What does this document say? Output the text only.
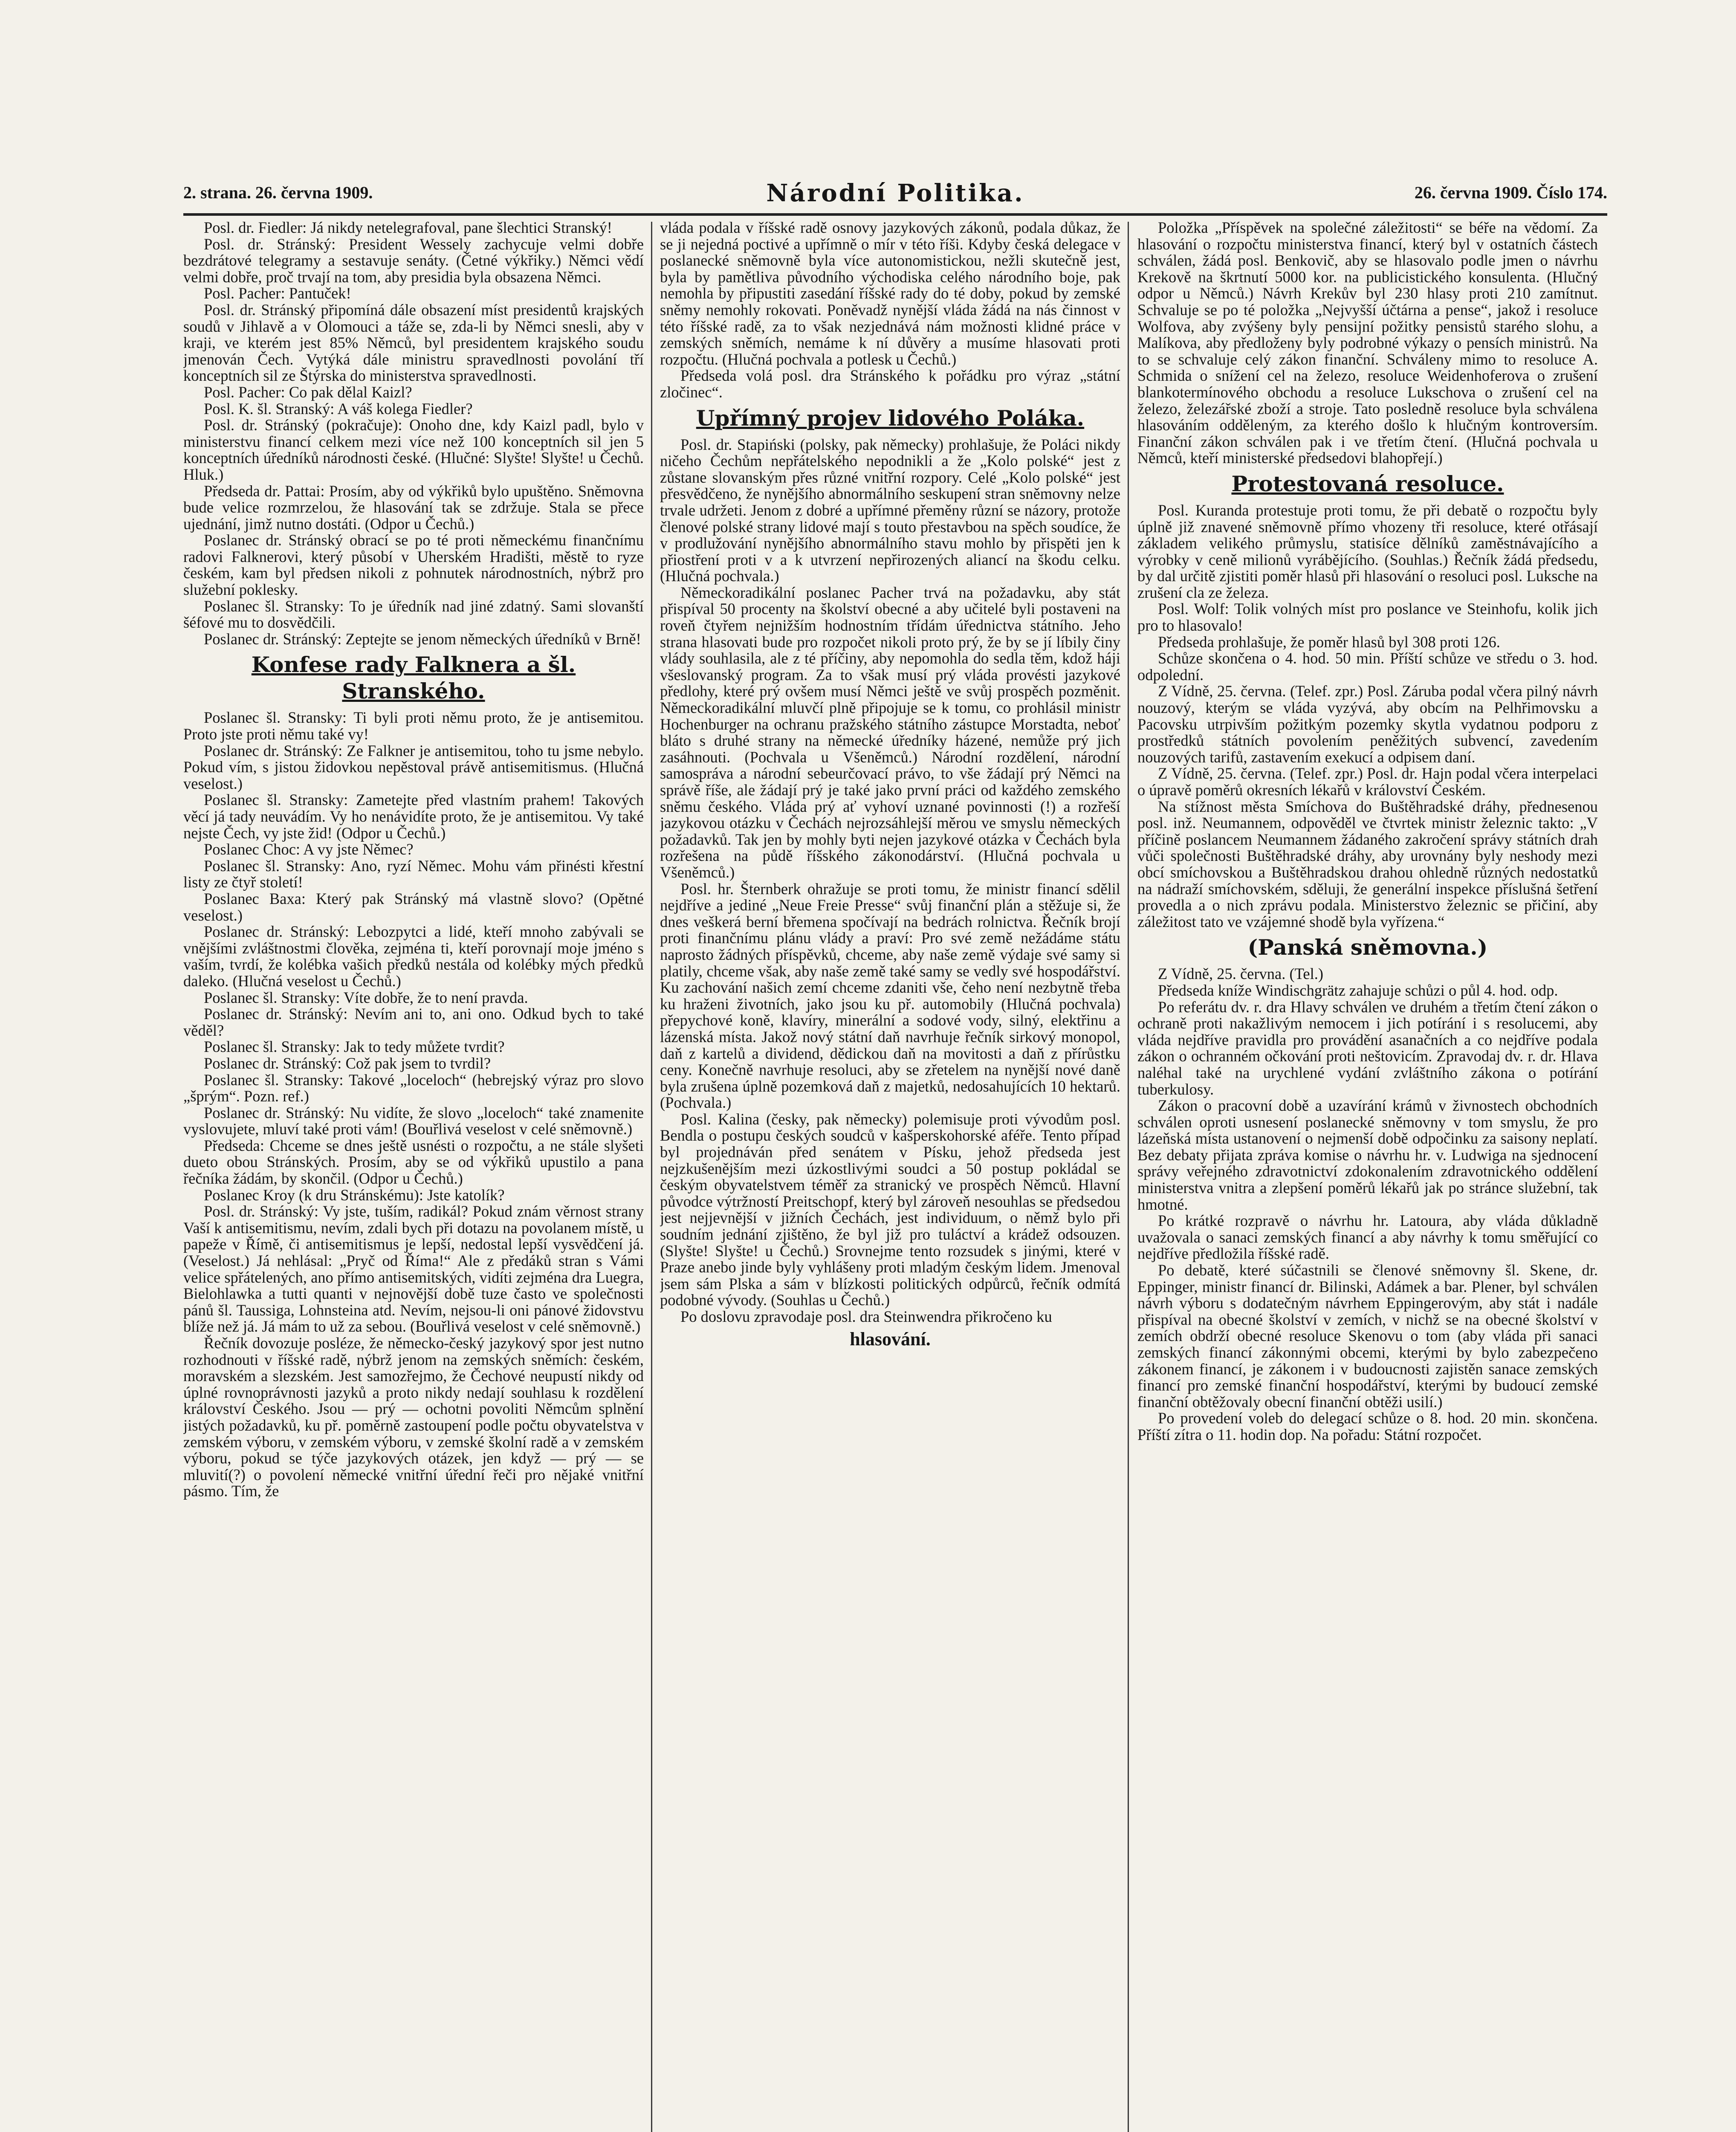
2. strana. 26. června 1909.	Národní Politika.	26. června 1909. Číslo 174.

Posl. dr. Fiedler: Já nikdy netelegrafoval, pane šlechtici Stranský!

Posl. dr. Stránský: President Wessely zachycuje velmi dobře bezdrátové telegramy a sestavuje senáty. (Četné výkřiky.) Němci vědí velmi dobře, proč trvají na tom, aby presidia byla obsazena Němci.

Posl. Pacher: Pantuček!

Posl. dr. Stránský připomíná dále obsazení míst presidentů krajských soudů v Jihlavě a v Olomouci a táže se, zda-li by Němci snesli, aby v kraji, ve kterém jest 85% Němců, byl presidentem krajského soudu jmenován Čech. Vytýká dále ministru spravedlnosti povolání tří konceptních sil ze Štýrska do ministerstva spravedlnosti.

Posl. Pacher: Co pak dělal Kaizl?

Posl. K. šl. Stranský: A váš kolega Fiedler?

Posl. dr. Stránský (pokračuje): Onoho dne, kdy Kaizl padl, bylo v ministerstvu financí celkem mezi více než 100 konceptních sil jen 5 konceptních úředníků národnosti české. (Hlučné: Slyšte! Slyšte! u Čechů. Hluk.)

Předseda dr. Pattai: Prosím, aby od výkřiků bylo upuštěno. Sněmovna bude velice rozmrzelou, že hlasování tak se zdržuje. Stala se přece ujednání, jimž nutno dostáti. (Odpor u Čechů.)

Poslanec dr. Stránský obrací se po té proti německému finančnímu radovi Falknerovi, který působí v Uherském Hradišti, městě to ryze českém, kam byl předsen nikoli z pohnutek národnostních, nýbrž pro služební poklesky.

Poslanec šl. Stransky: To je úředník nad jiné zdatný. Sami slovanští šéfové mu to dosvědčili.

Poslanec dr. Stránský: Zeptejte se jenom německých úředníků v Brně!

Konfese rady Falknera a šl. Stranského.

Poslanec šl. Stransky: Ti byli proti němu proto, že je antisemitou. Proto jste proti němu také vy!

Poslanec dr. Stránský: Ze Falkner je antisemitou, toho tu jsme nebylo. Pokud vím, s jistou židovkou nepěstoval právě antisemitismus. (Hlučná veselost.)

Poslanec šl. Stransky: Zametejte před vlastním prahem! Takových věcí já tady neuvádím. Vy ho nenávidíte proto, že je antisemitou. Vy také nejste Čech, vy jste žid! (Odpor u Čechů.)

Poslanec Choc: A vy jste Němec?

Poslanec šl. Stransky: Ano, ryzí Němec. Mohu vám přinésti křestní listy ze čtyř století!

Poslanec Baxa: Který pak Stránský má vlastně slovo? (Opětné veselost.)

Poslanec dr. Stránský: Lebozpytci a lidé, kteří mnoho zabývali se vnějšími zvláštnostmi člověka, zejména ti, kteří porovnají moje jméno s vaším, tvrdí, že kolébka vašich předků nestála od kolébky mých předků daleko. (Hlučná veselost u Čechů.)

Poslanec šl. Stransky: Víte dobře, že to není pravda.

Poslanec dr. Stránský: Nevím ani to, ani ono. Odkud bych to také věděl?

Poslanec šl. Stransky: Jak to tedy můžete tvrdit?

Poslanec dr. Stránský: Což pak jsem to tvrdil?

Poslanec šl. Stransky: Takové „loceloch“ (hebrejský výraz pro slovo „šprým“. Pozn. ref.)

Poslanec dr. Stránský: Nu vidíte, že slovo „loceloch“ také znamenite vyslovujete, mluví také proti vám! (Bouřlivá veselost v celé sněmovně.)

Předseda: Chceme se dnes ještě usnésti o rozpočtu, a ne stále slyšeti dueto obou Stránských. Prosím, aby se od výkřiků upustilo a pana řečníka žádám, by skončil. (Odpor u Čechů.)

Poslanec Kroy (k dru Stránskému): Jste katolík?

Posl. dr. Stránský: Vy jste, tuším, radikál? Pokud znám věrnost strany Vaší k antisemitismu, nevím, zdali bych při dotazu na povolanem místě, u papeže v Římě, či antisemitismus je lepší, nedostal lepší vysvědčení já. (Veselost.) Já nehlásal: „Pryč od Říma!“ Ale z předáků stran s Vámi velice spřátelených, ano přímo antisemitských, vidíti zejména dra Luegra, Bielohlawka a tutti quanti v nejnovější době tuze často ve společnosti pánů šl. Taussiga, Lohnsteina atd. Nevím, nejsou-li oni pánové židovstvu blíže než já. Já mám to už za sebou. (Bouřlivá veselost v celé sněmovně.)

Řečník dovozuje posléze, že německo-český jazykový spor jest nutno rozhodnouti v říšské radě, nýbrž jenom na zemských sněmích: českém, moravském a slezském. Jest samozřejmo, že Čechové neupustí nikdy od úplné rovnoprávnosti jazyků a proto nikdy nedají souhlasu k rozdělení království Českého. Jsou — prý — ochotni povoliti Němcům splnění jistých požadavků, ku př. poměrně zastoupení podle počtu obyvatelstva v zemském výboru, v zemském výboru, v zemské školní radě a v zemském výboru, pokud se týče jazykových otázek, jen když — prý — se mluvití(?) o povolení německé vnitřní úřední řeči pro nějaké vnitřní pásmo. Tím, že

vláda podala v říšské radě osnovy jazykových zákonů, podala důkaz, že se ji nejedná poctivé a upřímně o mír v této říši. Kdyby česká delegace v poslanecké sněmovně byla více autonomistickou, nežli skutečně jest, byla by pamětliva původního východiska celého národního boje, pak nemohla by připustiti zasedání říšské rady do té doby, pokud by zemské sněmy nemohly rokovati. Poněvadž nynější vláda žádá na nás činnost v této říšské radě, za to však nezjednává nám možnosti klidné práce v zemských sněmích, nemáme k ní důvěry a musíme hlasovati proti rozpočtu. (Hlučná pochvala a potlesk u Čechů.)

Předseda volá posl. dra Stránského k pořádku pro výraz „státní zločinec“.

Upřímný projev lidového Poláka.

Posl. dr. Stapiński (polsky, pak německy) prohlašuje, že Poláci nikdy ničeho Čechům nepřátelského nepodnikli a že „Kolo polské“ jest z zůstane slovanským přes různé vnitřní rozpory. Celé „Kolo polské“ jest přesvědčeno, že nynějšího abnormálního seskupení stran sněmovny nelze trvale udržeti. Jenom z dobré a upřímné přeměny různí se názory, protože členové polské strany lidové mají s touto přestavbou na spěch soudíce, že v prodlužování nynějšího abnormálního stavu mohlo by přispěti jen k přiostření proti v a k utvrzení nepřirozených aliancí na škodu celku. (Hlučná pochvala.)

Německoradikální poslanec Pacher trvá na požadavku, aby stát přispíval 50 procenty na školství obecné a aby učitelé byli postaveni na roveň čtyřem nejnižším hodnostním třídám úřednictva státního. Jeho strana hlasovati bude pro rozpočet nikoli proto prý, že by se jí líbily činy vlády souhlasila, ale z té příčiny, aby nepomohla do sedla těm, kdož háji všeslovanský program. Za to však musí prý vláda provésti jazykové předlohy, které prý ovšem musí Němci ještě ve svůj prospěch pozměnit. Německoradikální mluvčí plně připojuje se k tomu, co prohlásil ministr Hochenburger na ochranu pražského státního zástupce Morstadta, neboť bláto s druhé strany na německé úředníky házené, nemůže prý jich zasáhnouti. (Pochvala u Všeněmců.) Národní rozdělení, národní samospráva a národní sebeurčovací právo, to vše žádají prý Němci na správě říše, ale žádají prý je také jako první práci od každého zemského sněmu českého. Vláda prý ať vyhoví uznané povinnosti (!) a rozřeší jazykovou otázku v Čechách nejrozsáhlejší měrou ve smyslu německých požadavků. Tak jen by mohly byti nejen jazykové otázka v Čechách byla rozřešena na půdě říšského zákonodárství. (Hlučná pochvala u Všeněmců.)

Posl. hr. Šternberk ohražuje se proti tomu, že ministr financí sdělil nejdříve a jediné „Neue Freie Presse“ svůj finanční plán a stěžuje si, že dnes veškerá berní břemena spočívají na bedrách rolnictva. Řečník brojí proti finančnímu plánu vlády a praví: Pro své země nežádáme státu naprosto žádných příspěvků, chceme, aby naše země výdaje své samy si platily, chceme však, aby naše země také samy se vedly své hospodářství. Ku zachování našich zemí chceme zdaniti vše, čeho není nezbytně třeba ku hraženi životních, jako jsou ku př. automobily (Hlučná pochvala) přepychové koně, klavíry, minerální a sodové vody, silný, elektřinu a lázenská místa. Jakož nový státní daň navrhuje řečník sirkový monopol, daň z kartelů a dividend, dědickou daň na movitosti a daň z přírůstku ceny. Konečně navrhuje resoluci, aby se zřetelem na nynější nové daně byla zrušena úplně pozemková daň z majetků, nedosahujících 10 hektarů. (Pochvala.)

Posl. Kalina (česky, pak německy) polemisuje proti vývodům posl. Bendla o postupu českých soudců v kašperskohorské aféře. Tento případ byl projednáván před senátem v Písku, jehož předseda jest nejzkušenějším mezi úzkostlivými soudci a 50 postup pokládal se českým obyvatelstvem téměř za stranický ve prospěch Němců. Hlavní původce výtržností Preitschopf, který byl zároveň nesouhlas se předsedou jest nejjevnější v jižních Čechách, jest individuum, o němž bylo při soudním jednání zjištěno, že byl již pro tuláctví a krádež odsouzen. (Slyšte! Slyšte! u Čechů.) Srovnejme tento rozsudek s jinými, které v Praze anebo jinde byly vyhlášeny proti mladým českým lidem. Jmenoval jsem sám Plska a sám v blízkosti politických odpůrců, řečník odmítá podobné vývody. (Souhlas u Čechů.)

Po doslovu zpravodaje posl. dra Steinwendra přikročeno ku

hlasování.

Položka „Příspěvek na společné záležitosti“ se béře na vědomí. Za hlasování o rozpočtu ministerstva financí, který byl v ostatních částech schválen, žádá posl. Benkovič, aby se hlasovalo podle jmen o návrhu Krekově na škrtnutí 5000 kor. na publicistického konsulenta. (Hlučný odpor u Němců.) Návrh Krekův byl 230 hlasy proti 210 zamítnut. Schvaluje se po té položka „Nejvyšší účtárna a pense“, jakož i resoluce Wolfova, aby zvýšeny byly pensijní požitky pensistů starého slohu, a Malíkova, aby předloženy byly podrobné výkazy o pensích ministrů. Na to se schvaluje celý zákon finanční. Schváleny mimo to resoluce A. Schmida o snížení cel na železo, resoluce Weidenhoferova o zrušení blankotermínového obchodu a resoluce Lukschova o zrušení cel na železo, železářské zboží a stroje. Tato posledně resoluce byla schválena hlasováním odděleným, za kterého došlo k hlučným kontroversím. Finanční zákon schválen pak i ve třetím čtení. (Hlučná pochvala u Němců, kteří ministerské předsedovi blahopřejí.)

Protestovaná resoluce.

Posl. Kuranda protestuje proti tomu, že při debatě o rozpočtu byly úplně již znavené sněmovně přímo vhozeny tři resoluce, které otřásají základem velikého průmyslu, statisíce dělníků zaměstnávajícího a výrobky v ceně milionů vyrábějícího. (Souhlas.) Řečník žádá předsedu, by dal určitě zjistiti poměr hlasů při hlasování o resoluci posl. Luksche na zrušení cla ze železa.

Posl. Wolf: Tolik volných míst pro poslance ve Steinhofu, kolik jich pro to hlasovalo!

Předseda prohlašuje, že poměr hlasů byl 308 proti 126.

Schůze skončena o 4. hod. 50 min. Příští schůze ve středu o 3. hod. odpolední.

Z Vídně, 25. června. (Telef. zpr.) Posl. Záruba podal včera pilný návrh nouzový, kterým se vláda vyzývá, aby obcím na Pelhřimovsku a Pacovsku utrpivším požitkým pozemky skytla vydatnou podporu z prostředků státních povolením peněžitých subvencí, zavedením nouzových tarifů, zastavením exekucí a odpisem daní.

Z Vídně, 25. června. (Telef. zpr.) Posl. dr. Hajn podal včera interpelaci o úpravě poměrů okresních lékařů v království Českém.

Na stížnost města Smíchova do Buštěhradské dráhy, přednesenou posl. inž. Neumannem, odpověděl ve čtvrtek ministr železnic takto: „V příčině poslancem Neumannem žádaného zakročení správy státních drah vůči společnosti Buštěhradské dráhy, aby urovnány byly neshody mezi obcí smíchovskou a Buštěhradskou drahou ohledně různých nedostatků na nádraží smíchovském, sděluji, že generální inspekce příslušná šetření provedla a o nich zprávu podala. Ministerstvo železnic se přičiní, aby záležitost tato ve vzájemné shodě byla vyřízena.“

(Panská sněmovna.)

Z Vídně, 25. června. (Tel.)

Předseda kníže Windischgrätz zahajuje schůzi o půl 4. hod. odp.

Po referátu dv. r. dra Hlavy schválen ve druhém a třetím čtení zákon o ochraně proti nakažlivým nemocem i jich potírání i s resolucemi, aby vláda nejdříve pravidla pro provádění asanačních a co nejdříve podala zákon o ochranném očkování proti neštovicím. Zpravodaj dv. r. dr. Hlava naléhal také na urychlené vydání zvláštního zákona o potírání tuberkulosy.

Zákon o pracovní době a uzavírání krámů v živnostech obchodních schválen oproti usnesení poslanecké sněmovny v tom smyslu, že pro lázeňská místa ustanovení o nejmenší době odpočinku za saisony neplatí. Bez debaty přijata zpráva komise o návrhu hr. v. Ludwiga na sjednocení správy veřejného zdravotnictví zdokonalením zdravotnického oddělení ministerstva vnitra a zlepšení poměrů lékařů jak po stránce služební, tak hmotné.

Po krátké rozpravě o návrhu hr. Latoura, aby vláda důkladně uvažovala o sanaci zemských financí a aby návrhy k tomu směřující co nejdříve předložila říšské radě.

Po debatě, které súčastnili se členové sněmovny šl. Skene, dr. Eppinger, ministr financí dr. Bilinski, Adámek a bar. Plener, byl schválen návrh výboru s dodatečným návrhem Eppingerovým, aby stát i nadále přispíval na obecné školství v zemích, v nichž se na obecné školství v zemích obdrží obecné resoluce Skenovu o tom (aby vláda při sanaci zemských financí zákonnými obcemi, kterými by bylo zabezpečeno zákonem financí, je zákonem i v budoucnosti zajistěn sanace zemských financí pro zemské finanční hospodářství, kterými by budoucí zemské finanční obtěžovaly obecní finanční obtěži usilí.)

Po provedení voleb do delegací schůze o 8. hod. 20 min. skončena. Příští zítra o 11. hodin dop. Na pořadu: Státní rozpočet.
